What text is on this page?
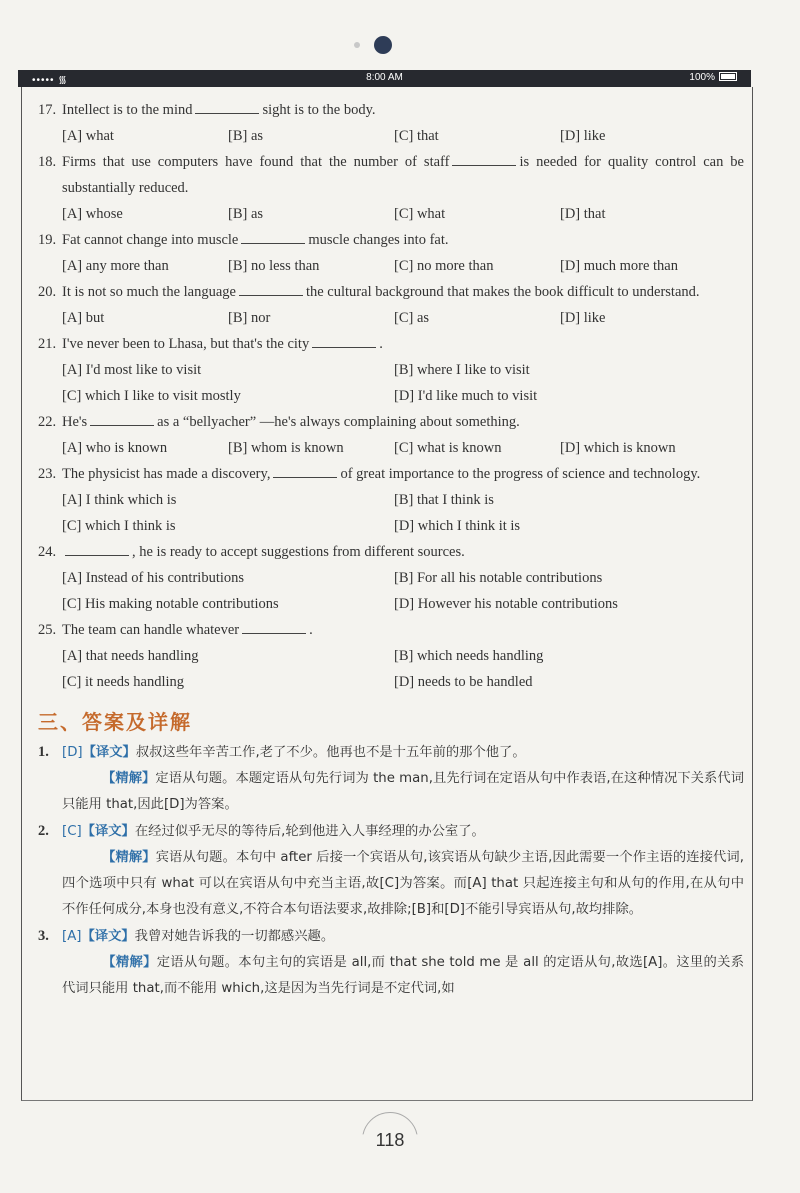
••••• ᯾	8:00 AM	100%
17. Intellect is to the mind	sight is to the body.
[A] what	[B] as	[C] that	[D] like
18. Firms that use computers have found that the number of staff	is needed for quality control can be substantially reduced.
[A] whose	[B] as	[C] what	[D] that
19. Fat cannot change into muscle	muscle changes into fat.
[A] any more than	[B] no less than	[C] no more than	[D] much more than
20. It is not so much the language	the cultural background that makes the book difficult to understand.
[A] but	[B] nor	[C] as	[D] like
21. I've never been to Lhasa, but that's the city	.
[A] I'd most like to visit	[B] where I like to visit
[C] which I like to visit mostly	[D] I'd like much to visit
22. He's	as a “bellyacher” —he's always complaining about something.
[A] who is known	[B] whom is known	[C] what is known	[D] which is known
23. The physicist has made a discovery,	of great importance to the progress of science and technology.
[A] I think which is	[B] that I think is
[C] which I think is	[D] which I think it is
24.	, he is ready to accept suggestions from different sources.
[A] Instead of his contributions	[B] For all his notable contributions
[C] His making notable contributions	[D] However his notable contributions
25. The team can handle whatever	.
[A] that needs handling	[B] which needs handling
[C] it needs handling	[D] needs to be handled
三、答案及详解
1. [D]【译文】叔叔这些年辛苦工作,老了不少。他再也不是十五年前的那个他了。
【精解】定语从句题。本题定语从句先行词为 the man,且先行词在定语从句中作表语,在这种情况下关系代词只能用 that,因此[D]为答案。
2. [C]【译文】在经过似乎无尽的等待后,轮到他进入人事经理的办公室了。
【精解】宾语从句题。本句中 after 后接一个宾语从句,该宾语从句缺少主语,因此需要一个作主语的连接代词,四个选项中只有 what 可以在宾语从句中充当主语,故[C]为答案。而[A] that 只起连接主句和从句的作用,在从句中不作任何成分,本身也没有意义,不符合本句语法要求,故排除;[B]和[D]不能引导宾语从句,故均排除。
3. [A]【译文】我曾对她告诉我的一切都感兴趣。
【精解】定语从句题。本句主句的宾语是 all,而 that she told me 是 all 的定语从句,故选[A]。这里的关系代词只能用 that,而不能用 which,这是因为当先行词是不定代词,如
118
